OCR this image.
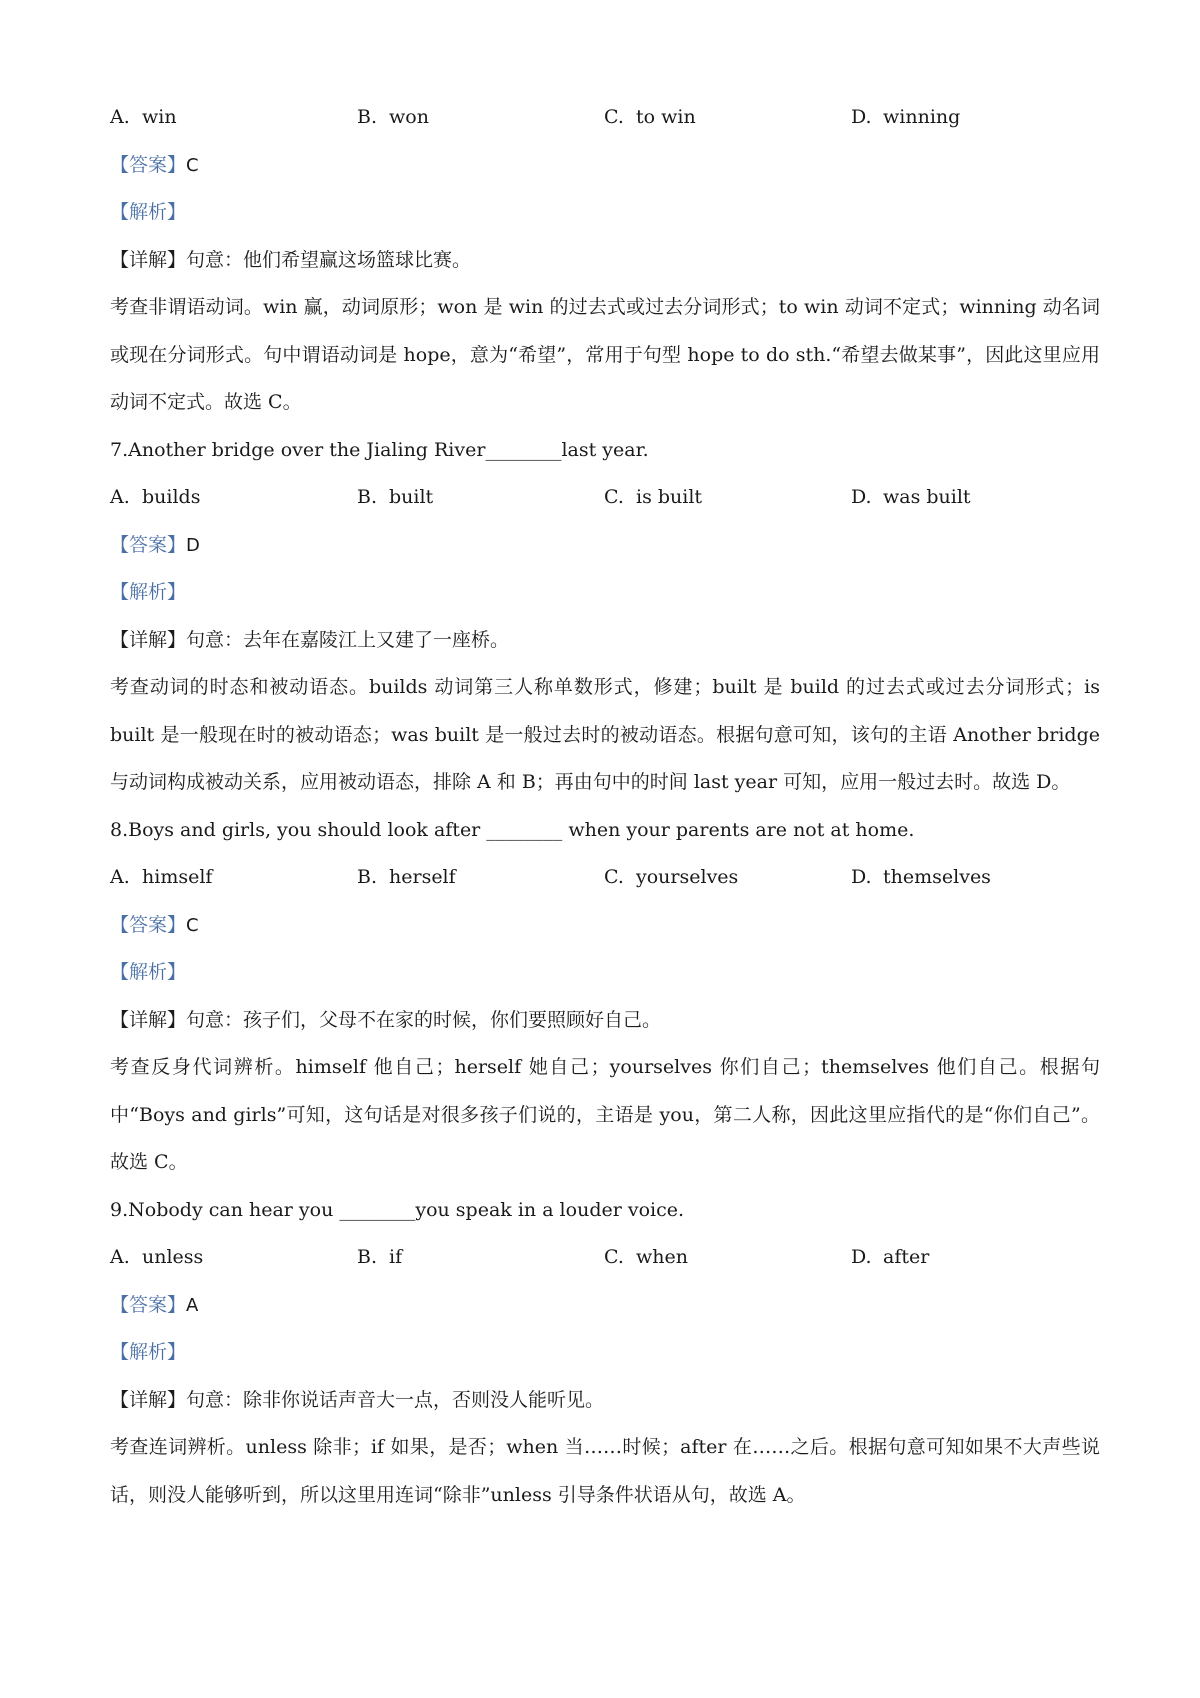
A. win	B. won	C. to win	D. winning
【答案】C
【解析】
【详解】句意：他们希望赢这场篮球比赛。
考查非谓语动词。win 赢，动词原形；won 是 win 的过去式或过去分词形式；to win 动词不定式；winning 动名词或现在分词形式。句中谓语动词是 hope，意为“希望”，常用于句型 hope to do sth.“希望去做某事”，因此这里应用动词不定式。故选 C。
7.Another bridge over the Jialing River________last year.
A. builds	B. built	C. is built	D. was built
【答案】D
【解析】
【详解】句意：去年在嘉陵江上又建了一座桥。
考查动词的时态和被动语态。builds 动词第三人称单数形式，修建；built 是 build 的过去式或过去分词形式；is built 是一般现在时的被动语态；was built 是一般过去时的被动语态。根据句意可知，该句的主语 Another bridge 与动词构成被动关系，应用被动语态，排除 A 和 B；再由句中的时间 last year 可知，应用一般过去时。故选 D。
8.Boys and girls, you should look after ________ when your parents are not at home.
A. himself	B. herself	C. yourselves	D. themselves
【答案】C
【解析】
【详解】句意：孩子们，父母不在家的时候，你们要照顾好自己。
考查反身代词辨析。himself 他自己；herself 她自己；yourselves 你们自己；themselves 他们自己。根据句中“Boys and girls”可知，这句话是对很多孩子们说的，主语是 you，第二人称，因此这里应指代的是“你们自己”。故选 C。
9.Nobody can hear you ________you speak in a louder voice.
A. unless	B. if	C. when	D. after
【答案】A
【解析】
【详解】句意：除非你说话声音大一点，否则没人能听见。
考查连词辨析。unless 除非；if 如果，是否；when 当……时候；after 在……之后。根据句意可知如果不大声些说话，则没人能够听到，所以这里用连词“除非”unless 引导条件状语从句，故选 A。
